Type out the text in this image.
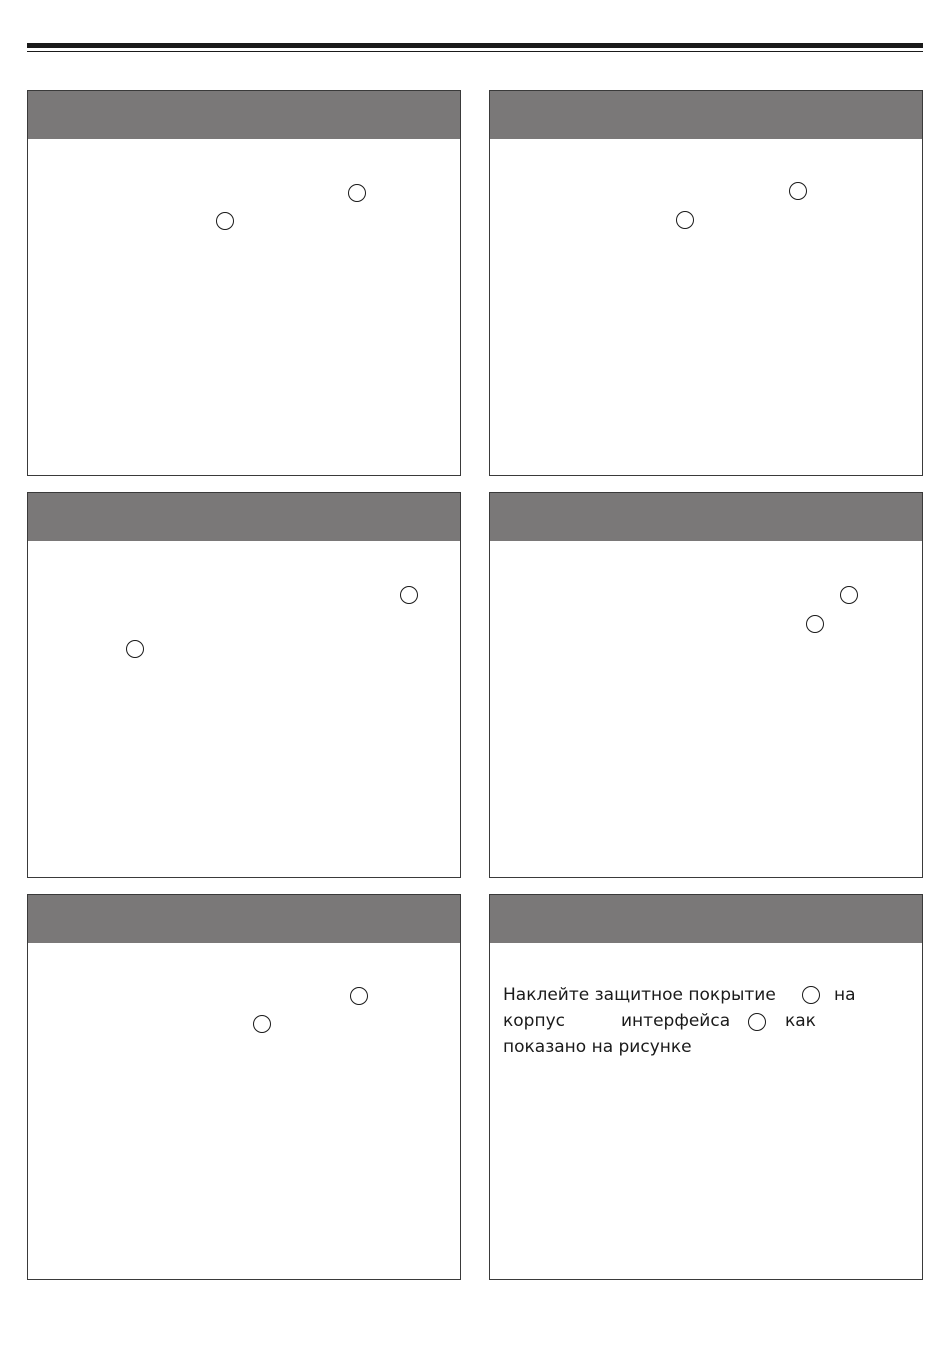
Наклейте защитное покрытие	на
корпус	интерфейса	как
показано на рисунке
